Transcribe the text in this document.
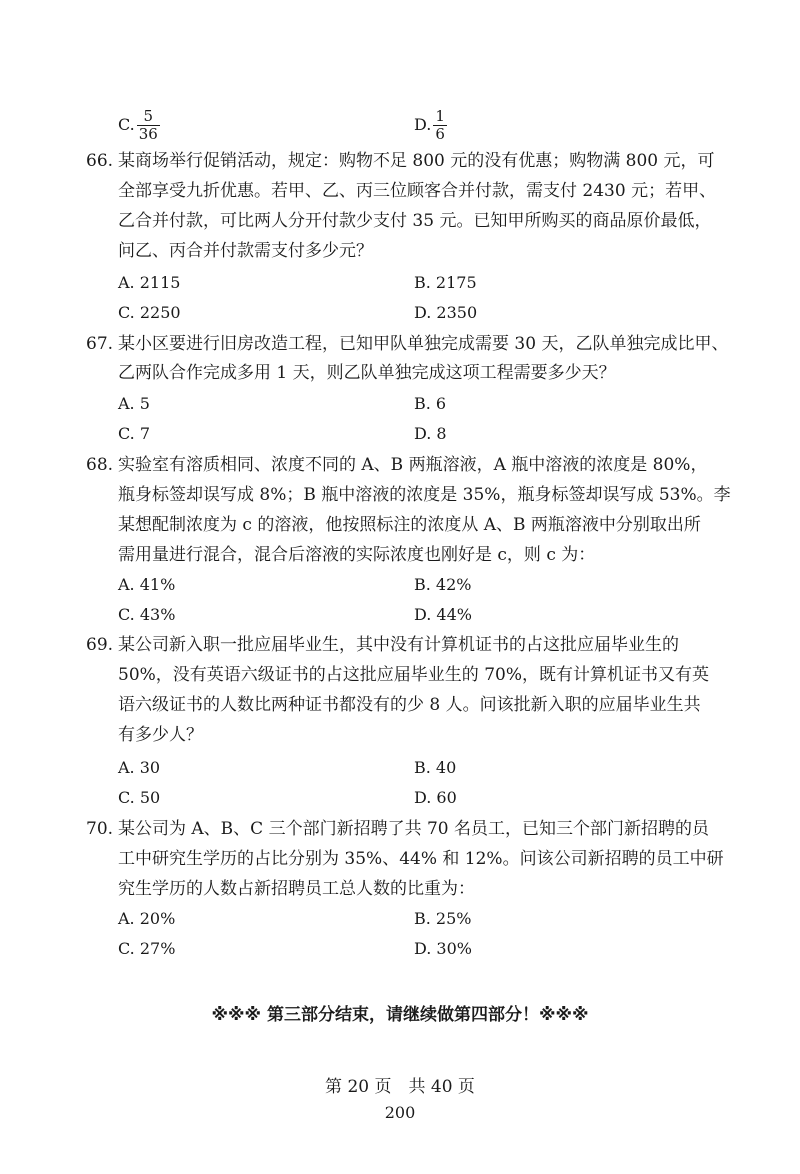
C. $\frac{5}{36}$	D. $\frac{1}{6}$
66. 某商场举行促销活动，规定：购物不足 800 元的没有优惠；购物满 800 元，可
全部享受九折优惠。若甲、乙、丙三位顾客合并付款，需支付 2430 元；若甲、
乙合并付款，可比两人分开付款少支付 35 元。已知甲所购买的商品原价最低，
问乙、丙合并付款需支付多少元？
A. 2115	B. 2175
C. 2250	D. 2350
67. 某小区要进行旧房改造工程，已知甲队单独完成需要 30 天，乙队单独完成比甲、
乙两队合作完成多用 1 天，则乙队单独完成这项工程需要多少天？
A. 5	B. 6
C. 7	D. 8
68. 实验室有溶质相同、浓度不同的 A、B 两瓶溶液，A 瓶中溶液的浓度是 80%，
瓶身标签却误写成 8%；B 瓶中溶液的浓度是 35%，瓶身标签却误写成 53%。李
某想配制浓度为 c 的溶液，他按照标注的浓度从 A、B 两瓶溶液中分别取出所
需用量进行混合，混合后溶液的实际浓度也刚好是 c，则 c 为：
A. 41%	B. 42%
C. 43%	D. 44%
69. 某公司新入职一批应届毕业生，其中没有计算机证书的占这批应届毕业生的
50%，没有英语六级证书的占这批应届毕业生的 70%，既有计算机证书又有英
语六级证书的人数比两种证书都没有的少 8 人。问该批新入职的应届毕业生共
有多少人？
A. 30	B. 40
C. 50	D. 60
70. 某公司为 A、B、C 三个部门新招聘了共 70 名员工，已知三个部门新招聘的员
工中研究生学历的占比分别为 35%、44% 和 12%。问该公司新招聘的员工中研
究生学历的人数占新招聘员工总人数的比重为：
A. 20%	B. 25%
C. 27%	D. 30%
※※※ 第三部分结束，请继续做第四部分！※※※
第 20 页　共 40 页
200
